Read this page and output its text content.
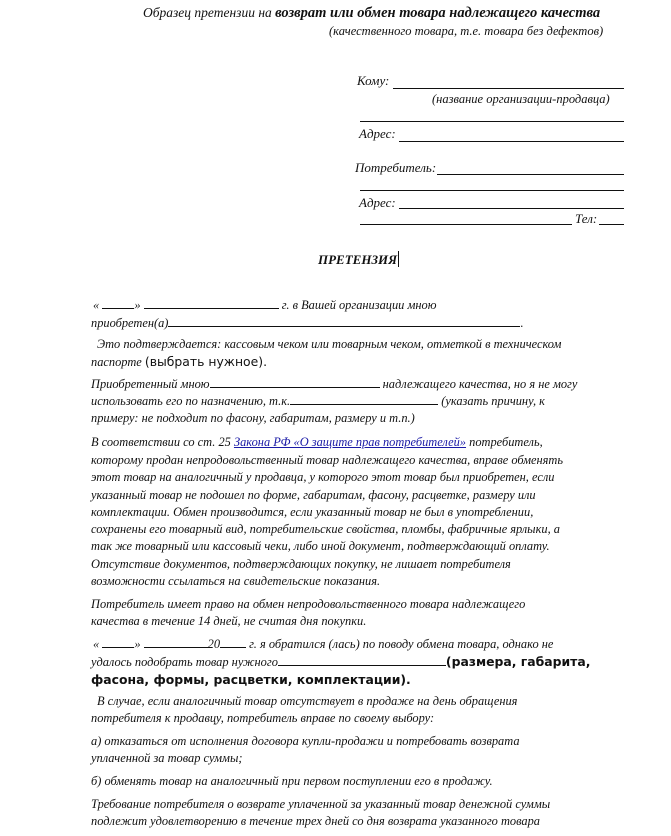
Образец претензии на возврат или обмен товара надлежащего качества
(качественного товара, т.е. товара без дефектов)
Кому:
(название организации-продавца)
Адрес:
Потребитель:
Адрес:
Тел:
ПРЕТЕНЗИЯ
«	»	г. в Вашей организации мною
приобретен(а)	.
Это подтверждается: кассовым чеком или товарным чеком, отметкой в техническом
паспорте (выбрать нужное).
Приобретенный мною	надлежащего качества, но я не могу
использовать его по назначению, т.к.	(указать причину, к
примеру: не подходит по фасону, габаритам, размеру и т.п.)
В соответствии со ст. 25 Закона РФ «О защите прав потребителей» потребитель,
которому продан непродовольственный товар надлежащего качества, вправе обменять
этот товар на аналогичный у продавца, у которого этот товар был приобретен, если
указанный товар не подошел по форме, габаритам, фасону, расцветке, размеру или
комплектации. Обмен производится, если указанный товар не был в употреблении,
сохранены его товарный вид, потребительские свойства, пломбы, фабричные ярлыки, а
так же товарный или кассовый чеки, либо иной документ, подтверждающий оплату.
Отсутствие документов, подтверждающих покупку, не лишает потребителя
возможности ссылаться на свидетельские показания.
Потребитель имеет право на обмен непродовольственного товара надлежащего
качества в течение 14 дней, не считая дня покупки.
«	»	20 г. я обратился (лась) по поводу обмена товара, однако не
удалось подобрать товар нужного	(размера, габарита,
фасона, формы, расцветки, комплектации).
В случае, если аналогичный товар отсутствует в продаже на день обращения
потребителя к продавцу, потребитель вправе по своему выбору:
а) отказаться от исполнения договора купли-продажи и потребовать возврата
уплаченной за товар суммы;
б) обменять товар на аналогичный при первом поступлении его в продажу.
Требование потребителя о возврате уплаченной за указанный товар денежной суммы
подлежит удовлетворению в течение трех дней со дня возврата указанного товара
